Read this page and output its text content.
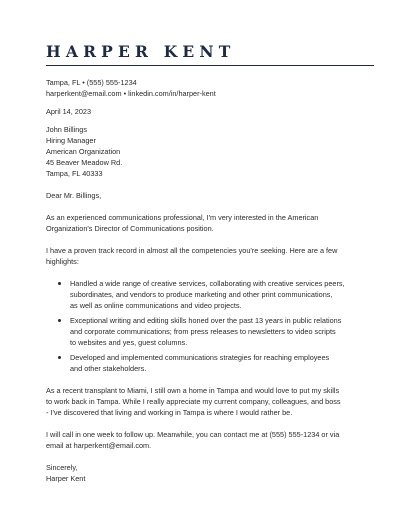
HARPER KENT
Tampa, FL • (555) 555-1234
harperkent@email.com • linkedin.com/in/harper-kent
April 14, 2023
John Billings
Hiring Manager
American Organization
45 Beaver Meadow Rd.
Tampa, FL 40333
Dear Mr. Billings,
As an experienced communications professional, I'm very interested in the American
Organization's Director of Communications position.
I have a proven track record in almost all the competencies you're seeking. Here are a few
highlights:
Handled a wide range of creative services, collaborating with creative services peers,
subordinates, and vendors to produce marketing and other print communications,
as well as online communications and video projects.
Exceptional writing and editing skills honed over the past 13 years in public relations
and corporate communications; from press releases to newsletters to video scripts
to websites and yes, guest columns.
Developed and implemented communications strategies for reaching employees
and other stakeholders.
As a recent transplant to Miami, I still own a home in Tampa and would love to put my skills
to work back in Tampa. While I really appreciate my current company, colleagues, and boss
- I've discovered that living and working in Tampa is where I would rather be.
I will call in one week to follow up. Meanwhile, you can contact me at (555) 555-1234 or via
email at harperkent@email.com.
Sincerely,
Harper Kent
